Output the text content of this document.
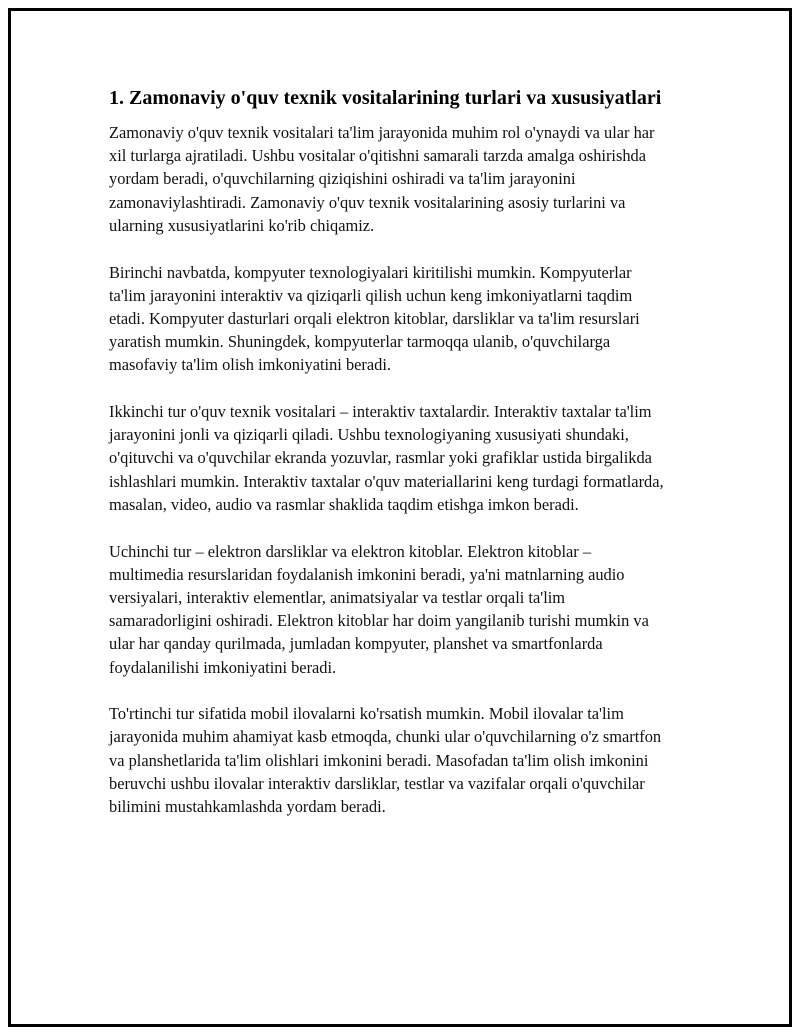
1. Zamonaviy o'quv texnik vositalarining turlari va xususiyatlari

Zamonaviy o'quv texnik vositalari ta'lim jarayonida muhim rol o'ynaydi va ular har xil turlarga ajratiladi. Ushbu vositalar o'qitishni samarali tarzda amalga oshirishda yordam beradi, o'quvchilarning qiziqishini oshiradi va ta'lim jarayonini zamonaviylashtiradi. Zamonaviy o'quv texnik vositalarining asosiy turlarini va ularning xususiyatlarini ko'rib chiqamiz.

Birinchi navbatda, kompyuter texnologiyalari kiritilishi mumkin. Kompyuterlar ta'lim jarayonini interaktiv va qiziqarli qilish uchun keng imkoniyatlarni taqdim etadi. Kompyuter dasturlari orqali elektron kitoblar, darsliklar va ta'lim resurslari yaratish mumkin. Shuningdek, kompyuterlar tarmoqqa ulanib, o'quvchilarga masofaviy ta'lim olish imkoniyatini beradi.

Ikkinchi tur o'quv texnik vositalari – interaktiv taxtalardir. Interaktiv taxtalar ta'lim jarayonini jonli va qiziqarli qiladi. Ushbu texnologiyaning xususiyati shundaki, o'qituvchi va o'quvchilar ekranda yozuvlar, rasmlar yoki grafiklar ustida birgalikda ishlashlari mumkin. Interaktiv taxtalar o'quv materiallarini keng turdagi formatlarda, masalan, video, audio va rasmlar shaklida taqdim etishga imkon beradi.

Uchinchi tur – elektron darsliklar va elektron kitoblar. Elektron kitoblar – multimedia resurslaridan foydalanish imkonini beradi, ya'ni matnlarning audio versiyalari, interaktiv elementlar, animatsiyalar va testlar orqali ta'lim samaradorligini oshiradi. Elektron kitoblar har doim yangilanib turishi mumkin va ular har qanday qurilmada, jumladan kompyuter, planshet va smartfonlarda foydalanilishi imkoniyatini beradi.

To'rtinchi tur sifatida mobil ilovalarni ko'rsatish mumkin. Mobil ilovalar ta'lim jarayonida muhim ahamiyat kasb etmoqda, chunki ular o'quvchilarning o'z smartfon va planshetlarida ta'lim olishlari imkonini beradi. Masofadan ta'lim olish imkonini beruvchi ushbu ilovalar interaktiv darsliklar, testlar va vazifalar orqali o'quvchilar bilimini mustahkamlashda yordam beradi.
